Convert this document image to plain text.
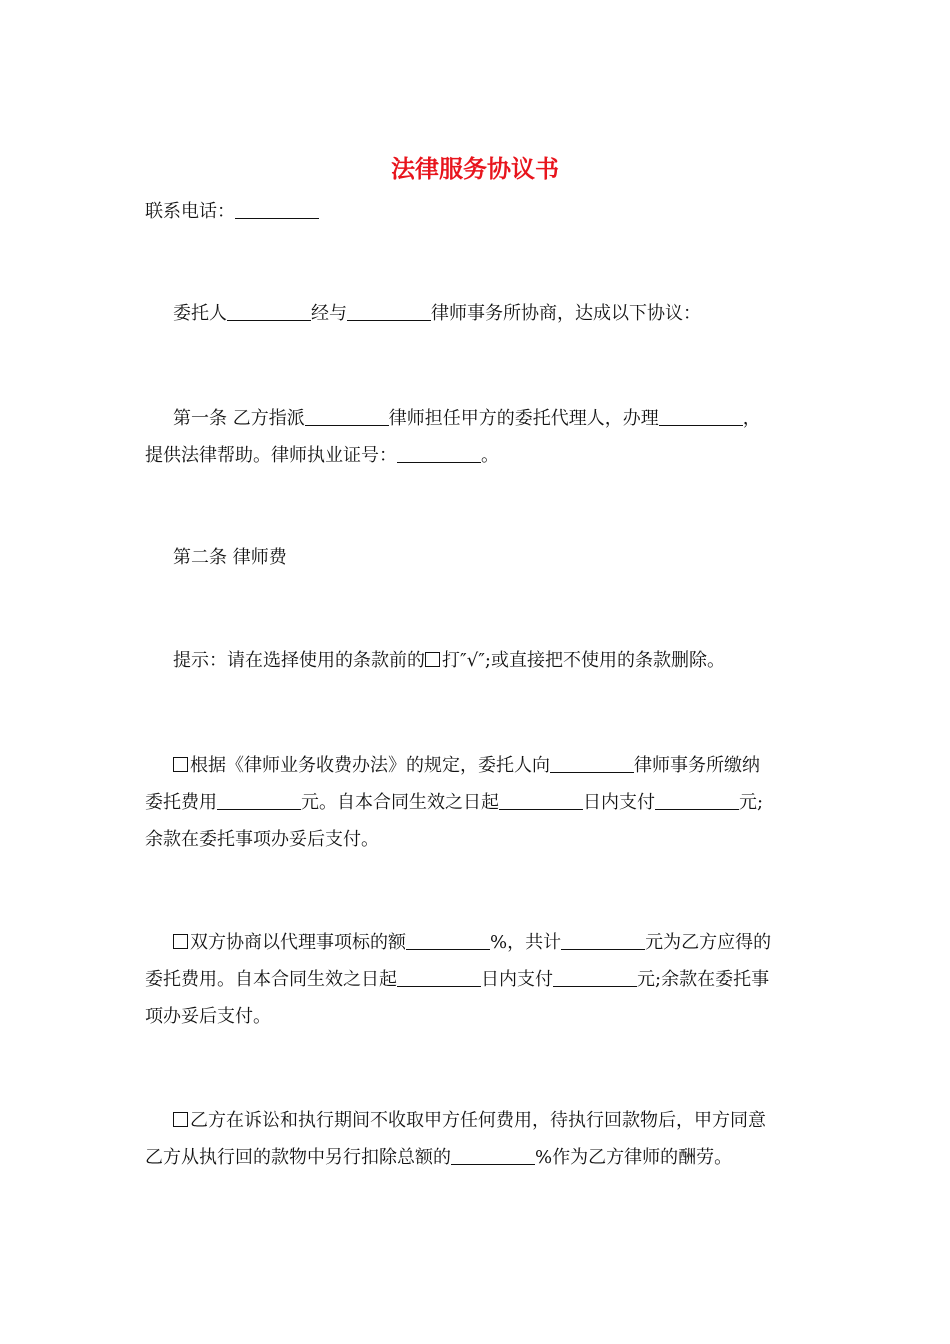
法律服务协议书
联系电话：
委托人	经与	律师事务所协商，达成以下协议：
第一条 乙方指派	律师担任甲方的委托代理人，办理	，
提供法律帮助。律师执业证号：	。
第二条 律师费
提示：请在选择使用的条款前的 打″√″;或直接把不使用的条款删除。
根据《律师业务收费办法》的规定，委托人向	律师事务所缴纳
委托费用	元。自本合同生效之日起	日内支付	元;
余款在委托事项办妥后支付。
双方协商以代理事项标的额	%，共计	元为乙方应得的
委托费用。自本合同生效之日起	日内支付	元;余款在委托事
项办妥后支付。
乙方在诉讼和执行期间不收取甲方任何费用，待执行回款物后，甲方同意
乙方从执行回的款物中另行扣除总额的	%作为乙方律师的酬劳。
